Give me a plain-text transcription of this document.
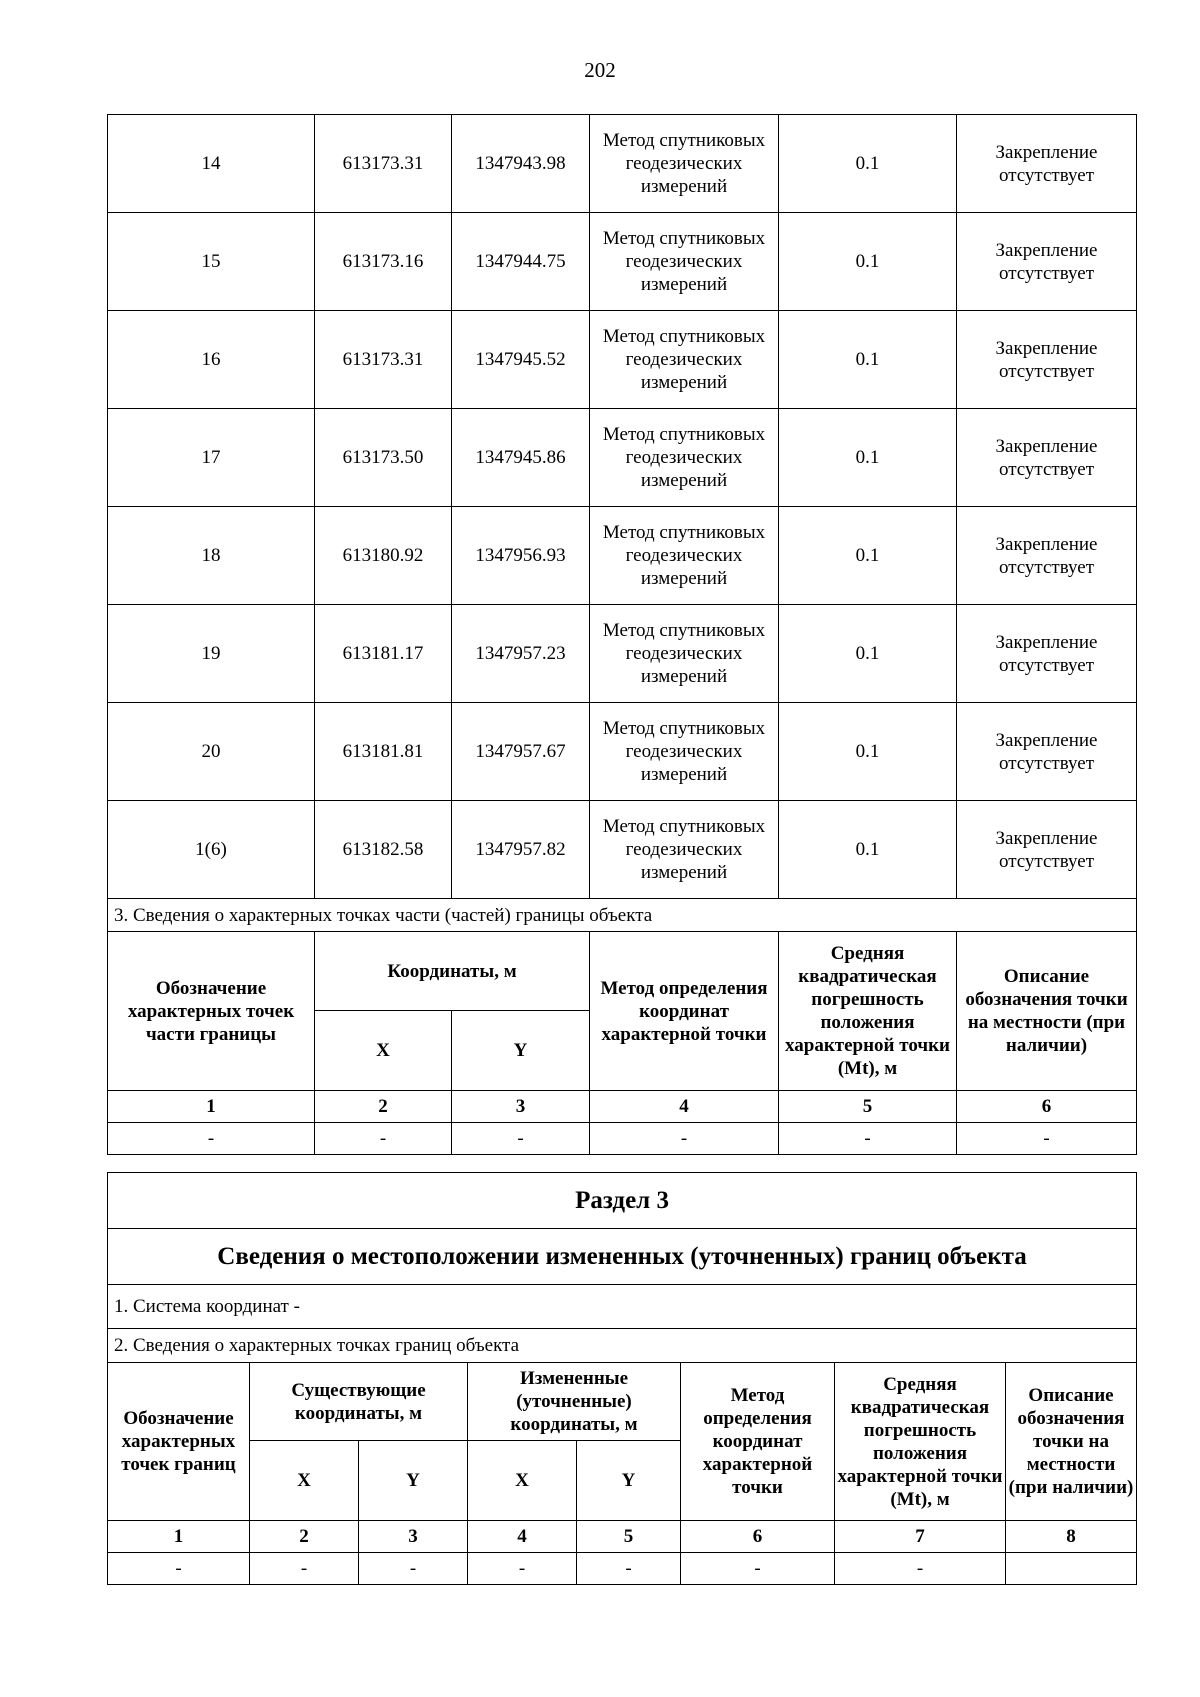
202
14	613173.31	1347943.98	Метод спутниковых геодезических измерений	0.1	Закрепление отсутствует
15	613173.16	1347944.75	Метод спутниковых геодезических измерений	0.1	Закрепление отсутствует
16	613173.31	1347945.52	Метод спутниковых геодезических измерений	0.1	Закрепление отсутствует
17	613173.50	1347945.86	Метод спутниковых геодезических измерений	0.1	Закрепление отсутствует
18	613180.92	1347956.93	Метод спутниковых геодезических измерений	0.1	Закрепление отсутствует
19	613181.17	1347957.23	Метод спутниковых геодезических измерений	0.1	Закрепление отсутствует
20	613181.81	1347957.67	Метод спутниковых геодезических измерений	0.1	Закрепление отсутствует
1(6)	613182.58	1347957.82	Метод спутниковых геодезических измерений	0.1	Закрепление отсутствует
3. Сведения о характерных точках части (частей) границы объекта					
Обозначение характерных точек части границы	Координаты, м		Метод определения координат характерной точки	Средняя квадратическая погрешность положения характерной точки (Mt), м	Описание обозначения точки на местности (при наличии)
	X	Y			
1	2	3	4	5	6
-	-	-	-	-	-
Раздел 3							
Сведения о местоположении измененных (уточненных) границ объекта							
1. Система координат -							
2. Сведения о характерных точках границ объекта							
Обозначение характерных точек границ	Существующие координаты, м		Измененные (уточненные) координаты, м		Метод определения координат характерной точки	Средняя квадратическая погрешность положения характерной точки (Mt), м	Описание обозначения точки на местности (при наличии)
	X	Y	X	Y			
1	2	3	4	5	6	7	8
-	-	-	-	-	-	-	
